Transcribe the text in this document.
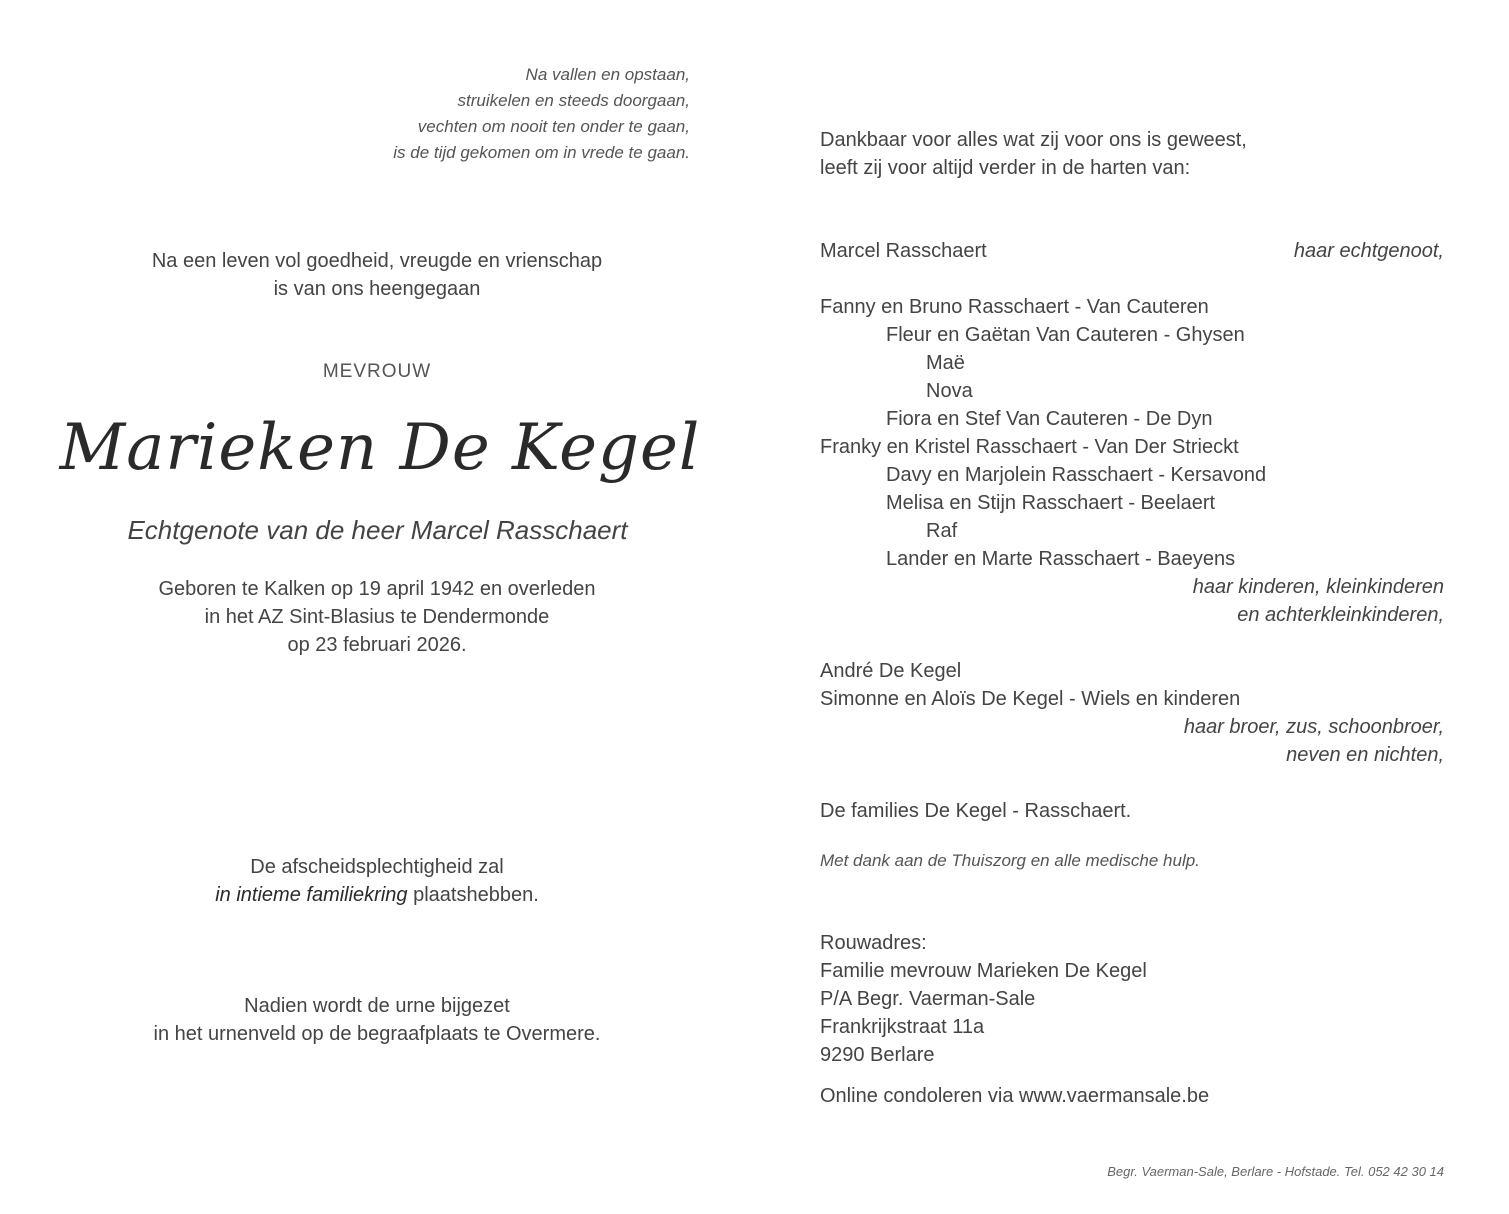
Na vallen en opstaan,
struikelen en steeds doorgaan,
vechten om nooit ten onder te gaan,
is de tijd gekomen om in vrede te gaan.
Na een leven vol goedheid, vreugde en vrienschap
is van ons heengegaan
MEVROUW
Marieken De Kegel
Echtgenote van de heer Marcel Rasschaert
Geboren te Kalken op 19 april 1942 en overleden
in het AZ Sint-Blasius te Dendermonde
op 23 februari 2026.
De afscheidsplechtigheid zal
in intieme familiekring plaatshebben.
Nadien wordt de urne bijgezet
in het urnenveld op de begraafplaats te Overmere.
Dankbaar voor alles wat zij voor ons is geweest,
leeft zij voor altijd verder in de harten van:
Marcel Rasschaert	haar echtgenoot,
Fanny en Bruno Rasschaert - Van Cauteren
Fleur en Gaëtan Van Cauteren - Ghysen
Maë
Nova
Fiora en Stef Van Cauteren - De Dyn
Franky en Kristel Rasschaert - Van Der Strieckt
Davy en Marjolein Rasschaert - Kersavond
Melisa en Stijn Rasschaert - Beelaert
Raf
Lander en Marte Rasschaert - Baeyens
haar kinderen, kleinkinderen
en achterkleinkinderen,
André De Kegel
Simonne en Aloïs De Kegel - Wiels en kinderen
haar broer, zus, schoonbroer,
neven en nichten,
De families De Kegel - Rasschaert.
Met dank aan de Thuiszorg en alle medische hulp.
Rouwadres:
Familie mevrouw Marieken De Kegel
P/A Begr. Vaerman-Sale
Frankrijkstraat 11a
9290 Berlare
Online condoleren via www.vaermansale.be
Begr. Vaerman-Sale, Berlare - Hofstade. Tel. 052 42 30 14
